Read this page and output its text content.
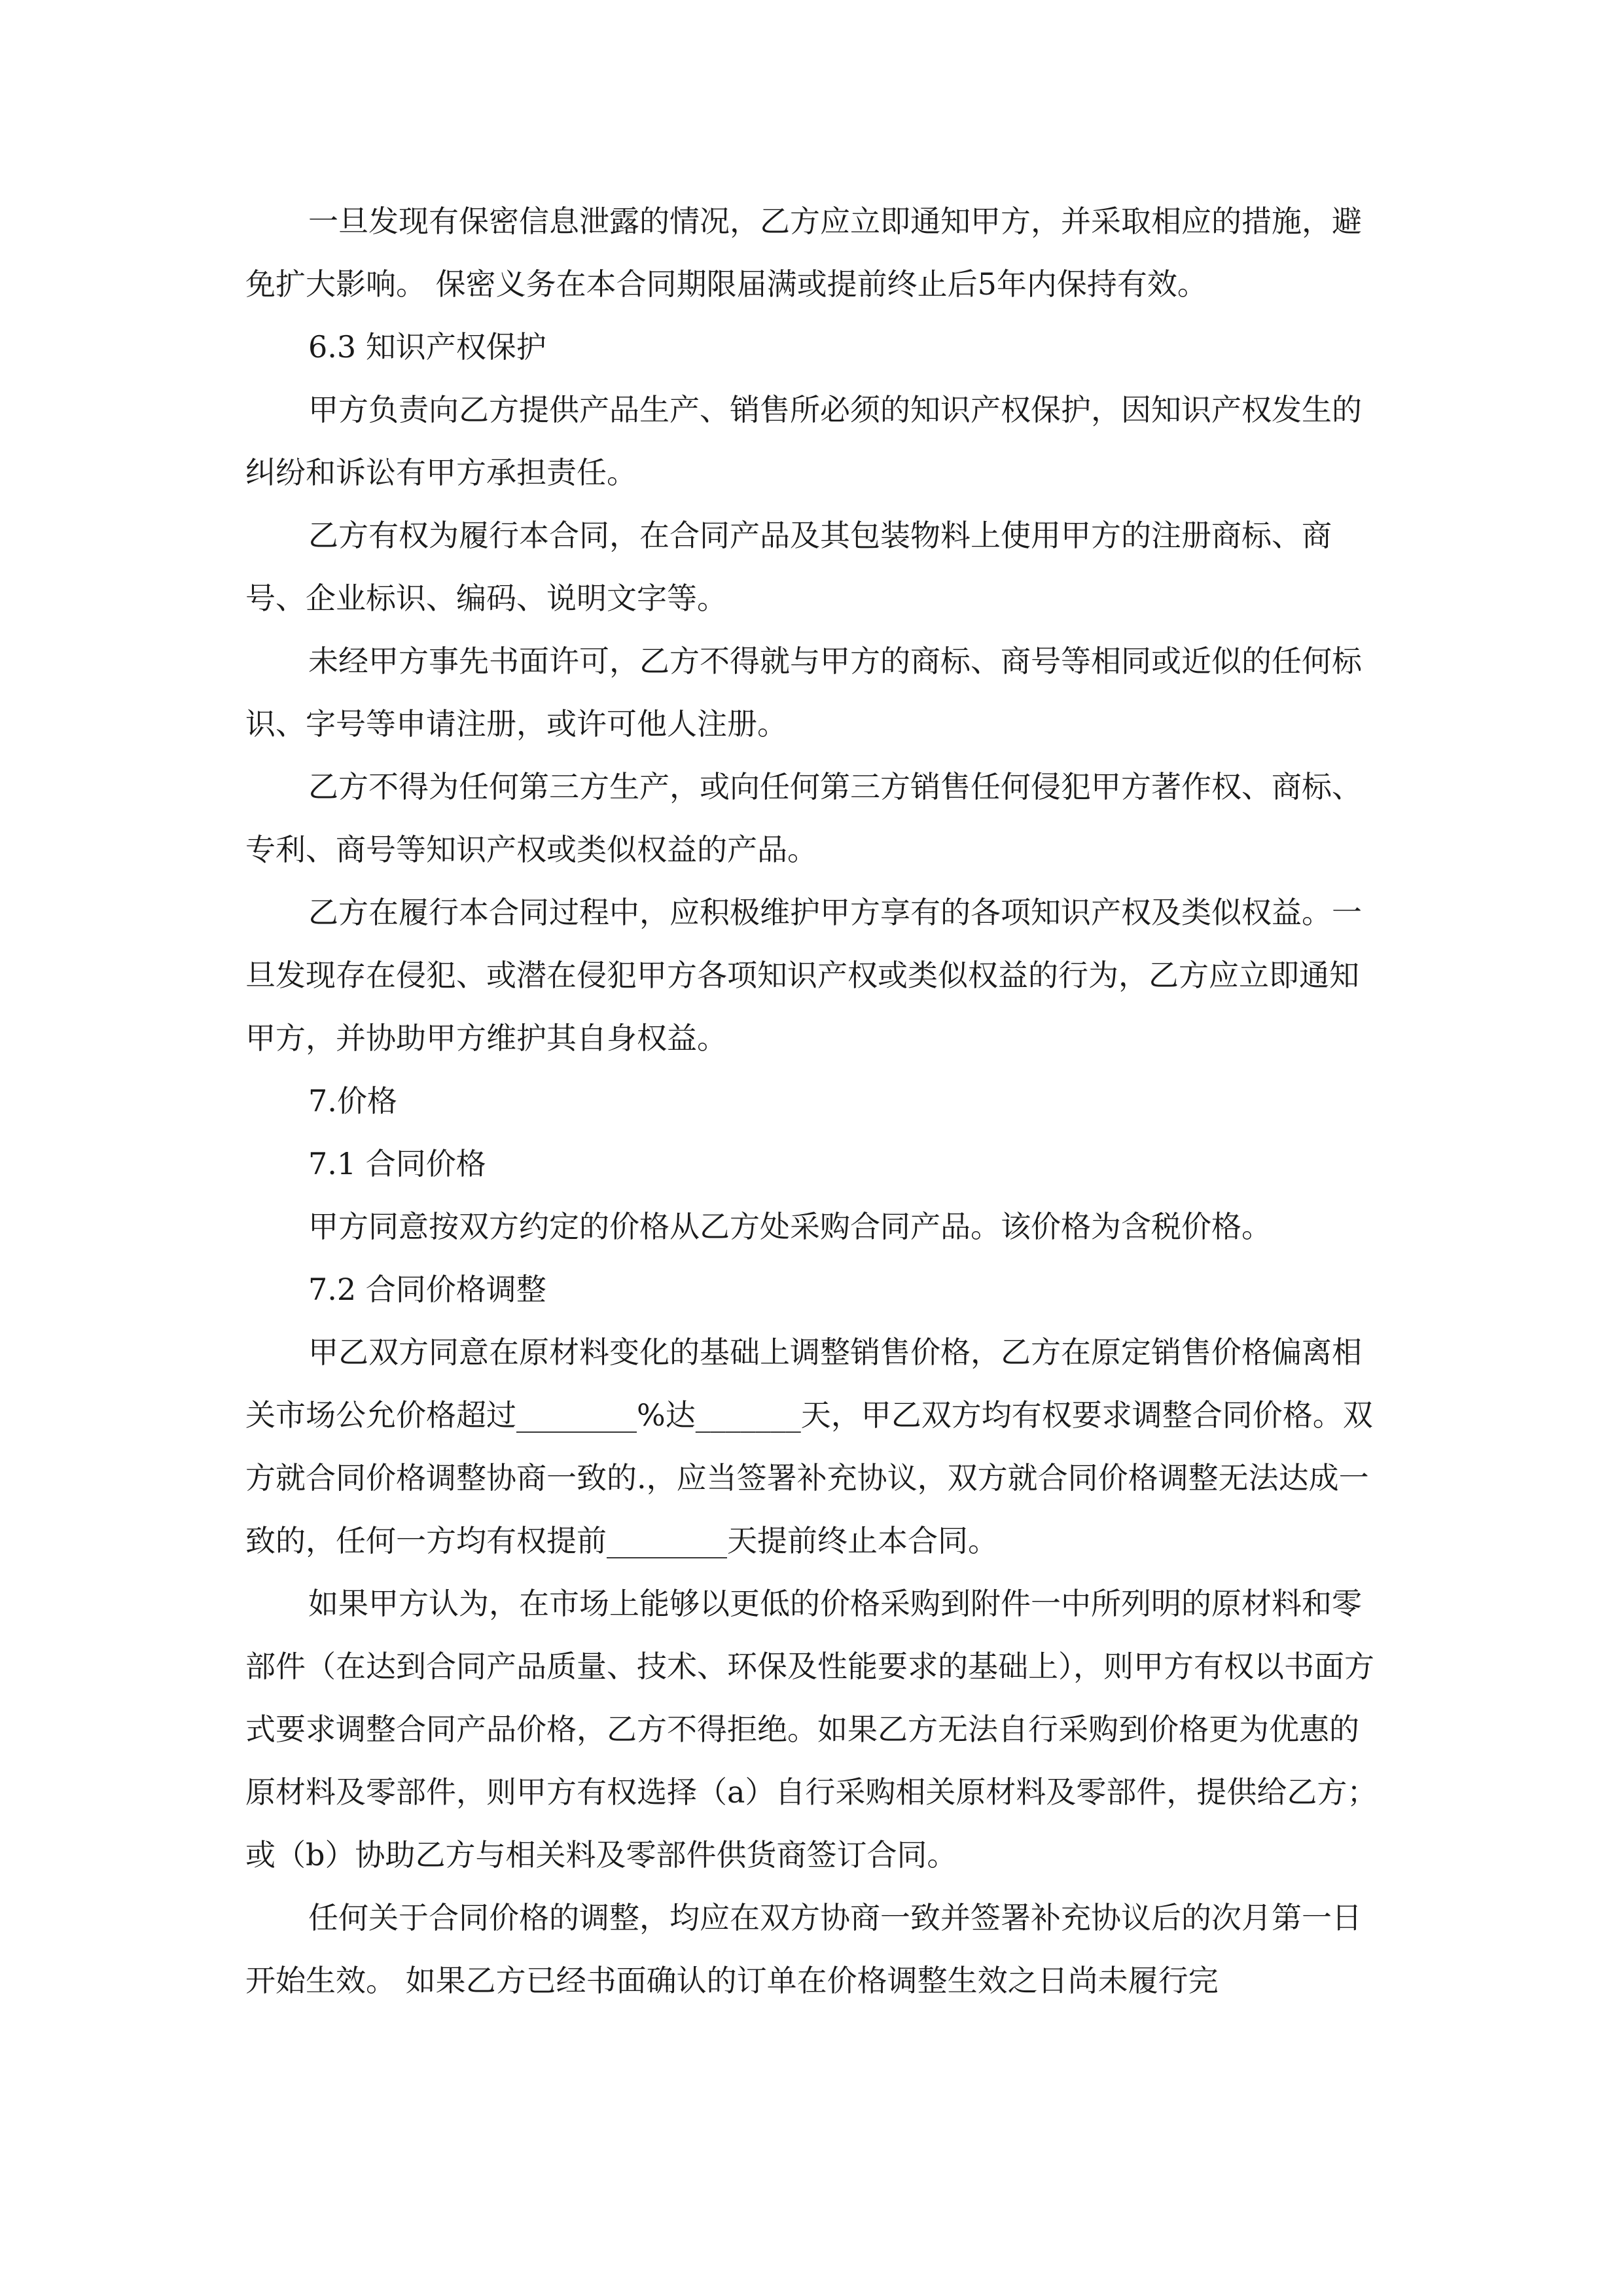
一旦发现有保密信息泄露的情况，乙方应立即通知甲方，并采取相应的措施，避免扩大影响。 保密义务在本合同期限届满或提前终止后5年内保持有效。

6.3 知识产权保护

甲方负责向乙方提供产品生产、销售所必须的知识产权保护，因知识产权发生的纠纷和诉讼有甲方承担责任。

乙方有权为履行本合同，在合同产品及其包装物料上使用甲方的注册商标、商号、企业标识、编码、说明文字等。

未经甲方事先书面许可，乙方不得就与甲方的商标、商号等相同或近似的任何标识、字号等申请注册，或许可他人注册。

乙方不得为任何第三方生产，或向任何第三方销售任何侵犯甲方著作权、商标、专利、商号等知识产权或类似权益的产品。

乙方在履行本合同过程中，应积极维护甲方享有的各项知识产权及类似权益。一旦发现存在侵犯、或潜在侵犯甲方各项知识产权或类似权益的行为，乙方应立即通知甲方，并协助甲方维护其自身权益。

7.价格

7.1 合同价格

甲方同意按双方约定的价格从乙方处采购合同产品。该价格为含税价格。

7.2 合同价格调整

甲乙双方同意在原材料变化的基础上调整销售价格，乙方在原定销售价格偏离相关市场公允价格超过________%达_______天，甲乙双方均有权要求调整合同价格。双方就合同价格调整协商一致的.，应当签署补充协议，双方就合同价格调整无法达成一致的，任何一方均有权提前________天提前终止本合同。

如果甲方认为，在市场上能够以更低的价格采购到附件一中所列明的原材料和零部件（在达到合同产品质量、技术、环保及性能要求的基础上），则甲方有权以书面方式要求调整合同产品价格，乙方不得拒绝。如果乙方无法自行采购到价格更为优惠的原材料及零部件，则甲方有权选择（a）自行采购相关原材料及零部件，提供给乙方；或（b）协助乙方与相关料及零部件供货商签订合同。

任何关于合同价格的调整，均应在双方协商一致并签署补充协议后的次月第一日开始生效。 如果乙方已经书面确认的订单在价格调整生效之日尚未履行完
